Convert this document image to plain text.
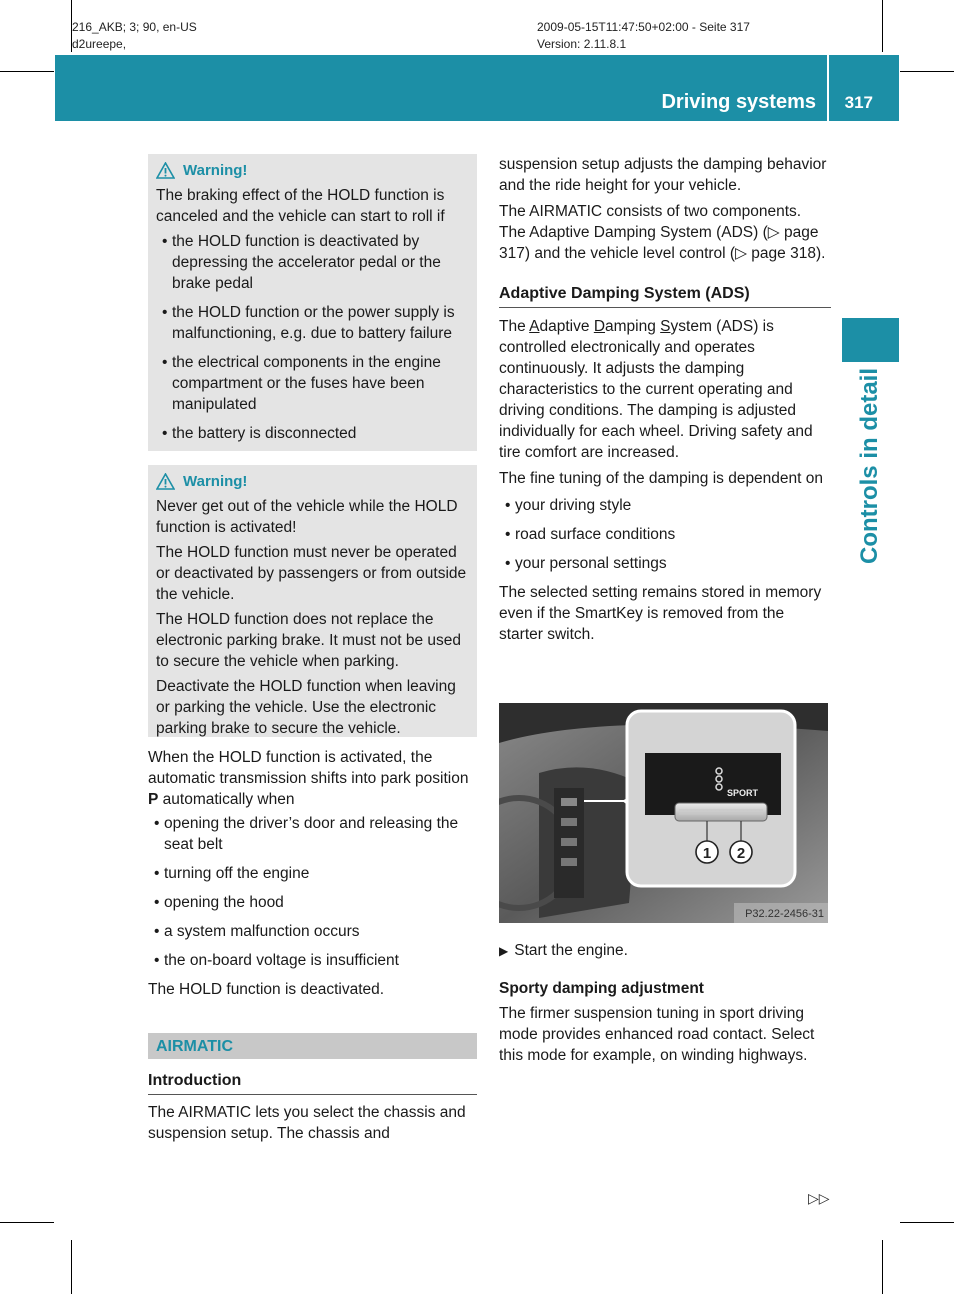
216_AKB; 3; 90, en-US
d2ureepe,
2009-05-15T11:47:50+02:00 - Seite 317
Version: 2.11.8.1
Driving systems 317
Controls in detail
Warning!

The braking effect of the HOLD function is canceled and the vehicle can start to roll if

• the HOLD function is deactivated by depressing the accelerator pedal or the brake pedal
• the HOLD function or the power supply is malfunctioning, e.g. due to battery failure
• the electrical components in the engine compartment or the fuses have been manipulated
• the battery is disconnected
Warning!

Never get out of the vehicle while the HOLD function is activated!

The HOLD function must never be operated or deactivated by passengers or from outside the vehicle.

The HOLD function does not replace the electronic parking brake. It must not be used to secure the vehicle when parking.

Deactivate the HOLD function when leaving or parking the vehicle. Use the electronic parking brake to secure the vehicle.

When the HOLD function is activated, the automatic transmission shifts into park position P automatically when

• opening the driver’s door and releasing the seat belt
• turning off the engine
• opening the hood
• a system malfunction occurs
• the on-board voltage is insufficient

The HOLD function is deactivated.

AIRMATIC
Introduction

The AIRMATIC lets you select the chassis and suspension setup. The chassis and

suspension setup adjusts the damping behavior and the ride height for your vehicle.

The AIRMATIC consists of two components. The Adaptive Damping System (ADS) (▷ page 317) and the vehicle level control (▷ page 318).

Adaptive Damping System (ADS)

The Adaptive Damping System (ADS) is controlled electronically and operates continuously. It adjusts the damping characteristics to the current operating and driving conditions. The damping is adjusted individually for each wheel. Driving safety and tire comfort are increased.

The fine tuning of the damping is dependent on

• your driving style
• road surface conditions
• your personal settings

The selected setting remains stored in memory even if the SmartKey is removed from the starter switch.

SPORT
1 2
P32.22-2456-31

▶ Start the engine.

Sporty damping adjustment

The firmer suspension tuning in sport driving mode provides enhanced road contact. Select this mode for example, on winding highways.

▷▷
